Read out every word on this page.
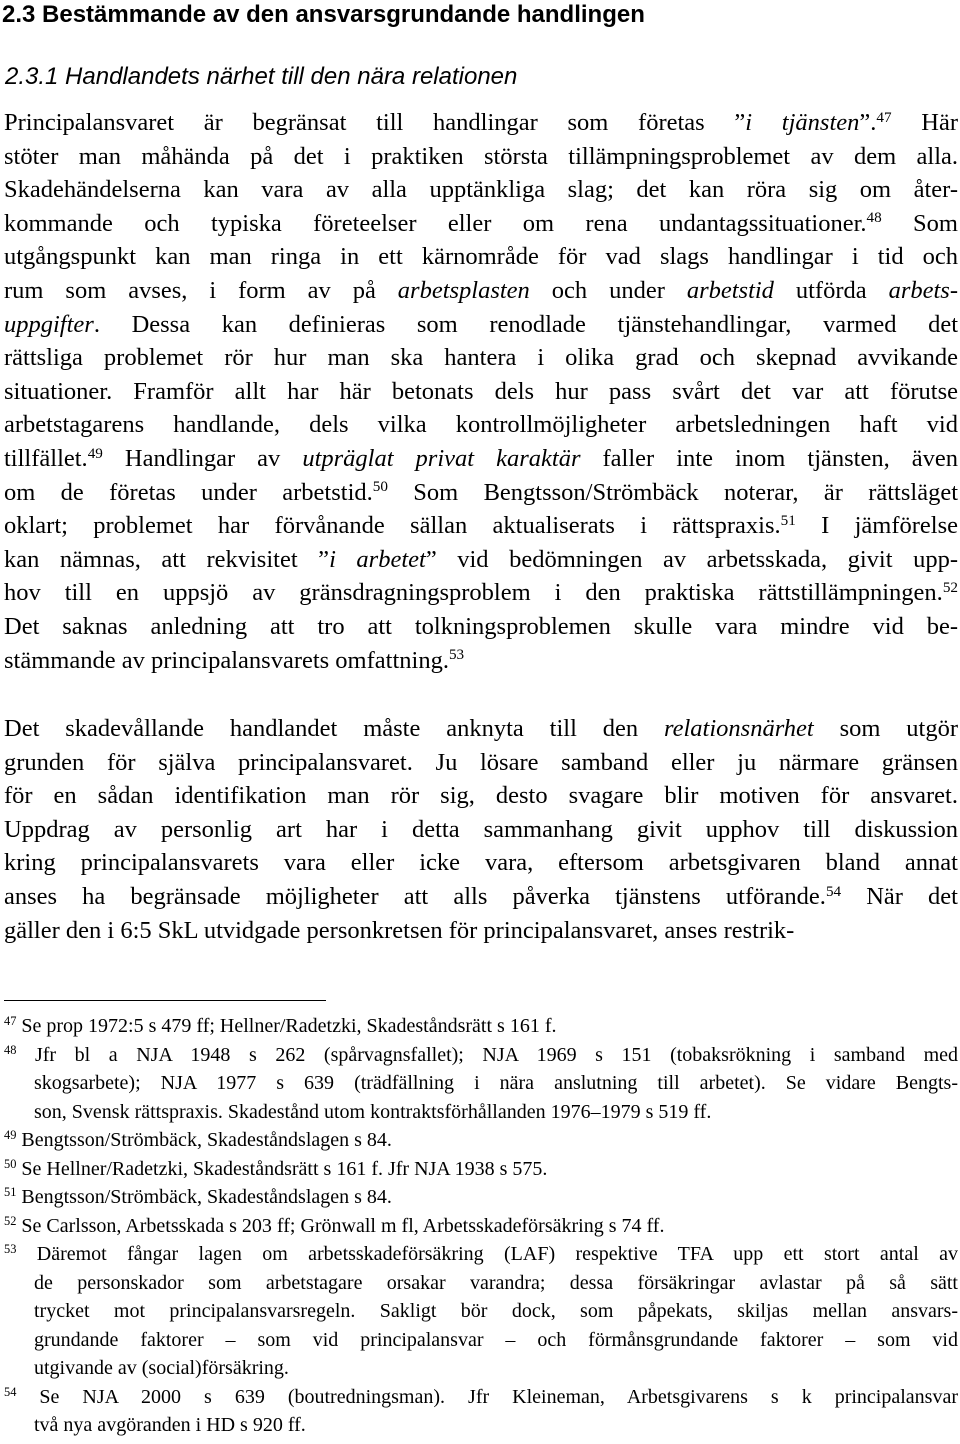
2.3 Bestämmande av den ansvarsgrundande handlingen
2.3.1 Handlandets närhet till den nära relationen
Principalansvaret är begränsat till handlingar som företas ”i tjänsten”.$^{47}$ Här
stöter man måhända på det i praktiken största tillämpningsproblemet av dem alla.
Skadehändelserna kan vara av alla upptänkliga slag; det kan röra sig om åter-
kommande och typiska företeelser eller om rena undantagssituationer.$^{48}$ Som
utgångspunkt kan man ringa in ett kärnområde för vad slags handlingar i tid och
rum som avses, i form av på arbetsplasten och under arbetstid utförda arbets-
uppgifter. Dessa kan definieras som renodlade tjänstehandlingar, varmed det
rättsliga problemet rör hur man ska hantera i olika grad och skepnad avvikande
situationer. Framför allt har här betonats dels hur pass svårt det var att förutse
arbetstagarens handlande, dels vilka kontrollmöjligheter arbetsledningen haft vid
tillfället.$^{49}$ Handlingar av utpräglat privat karaktär faller inte inom tjänsten, även
om de företas under arbetstid.$^{50}$ Som Bengtsson/Strömbäck noterar, är rättsläget
oklart; problemet har förvånande sällan aktualiserats i rättspraxis.$^{51}$ I jämförelse
kan nämnas, att rekvisitet ”i arbetet” vid bedömningen av arbetsskada, givit upp-
hov till en uppsjö av gränsdragningsproblem i den praktiska rättstillämpningen.$^{52}$
Det saknas anledning att tro att tolkningsproblemen skulle vara mindre vid be-
stämmande av principalansvarets omfattning.$^{53}$
Det skadevållande handlandet måste anknyta till den relationsnärhet som utgör
grunden för själva principalansvaret. Ju lösare samband eller ju närmare gränsen
för en sådan identifikation man rör sig, desto svagare blir motiven för ansvaret.
Uppdrag av personlig art har i detta sammanhang givit upphov till diskussion
kring principalansvarets vara eller icke vara, eftersom arbetsgivaren bland annat
anses ha begränsade möjligheter att alls påverka tjänstens utförande.$^{54}$ När det
gäller den i 6:5 SkL utvidgade personkretsen för principalansvaret, anses restrik-
$^{47}$ Se prop 1972:5 s 479 ff; Hellner/Radetzki, Skadeståndsrätt s 161 f.
$^{48}$ Jfr bl a NJA 1948 s 262 (spårvagnsfallet); NJA 1969 s 151 (tobaksrökning i samband med
skogsarbete); NJA 1977 s 639 (trädfällning i nära anslutning till arbetet). Se vidare Bengts-
son, Svensk rättspraxis. Skadestånd utom kontraktsförhållanden 1976–1979 s 519 ff.
$^{49}$ Bengtsson/Strömbäck, Skadeståndslagen s 84.
$^{50}$ Se Hellner/Radetzki, Skadeståndsrätt s 161 f. Jfr NJA 1938 s 575.
$^{51}$ Bengtsson/Strömbäck, Skadeståndslagen s 84.
$^{52}$ Se Carlsson, Arbetsskada s 203 ff; Grönwall m fl, Arbetsskadeförsäkring s 74 ff.
$^{53}$ Däremot fångar lagen om arbetsskadeförsäkring (LAF) respektive TFA upp ett stort antal av
de personskador som arbetstagare orsakar varandra; dessa försäkringar avlastar på så sätt
trycket mot principalansvarsregeln. Sakligt bör dock, som påpekats, skiljas mellan ansvars-
grundande faktorer – som vid principalansvar – och förmånsgrundande faktorer – som vid
utgivande av (social)försäkring.
$^{54}$ Se NJA 2000 s 639 (boutredningsman). Jfr Kleineman, Arbetsgivarens s k principalansvar
två nya avgöranden i HD s 920 ff.
